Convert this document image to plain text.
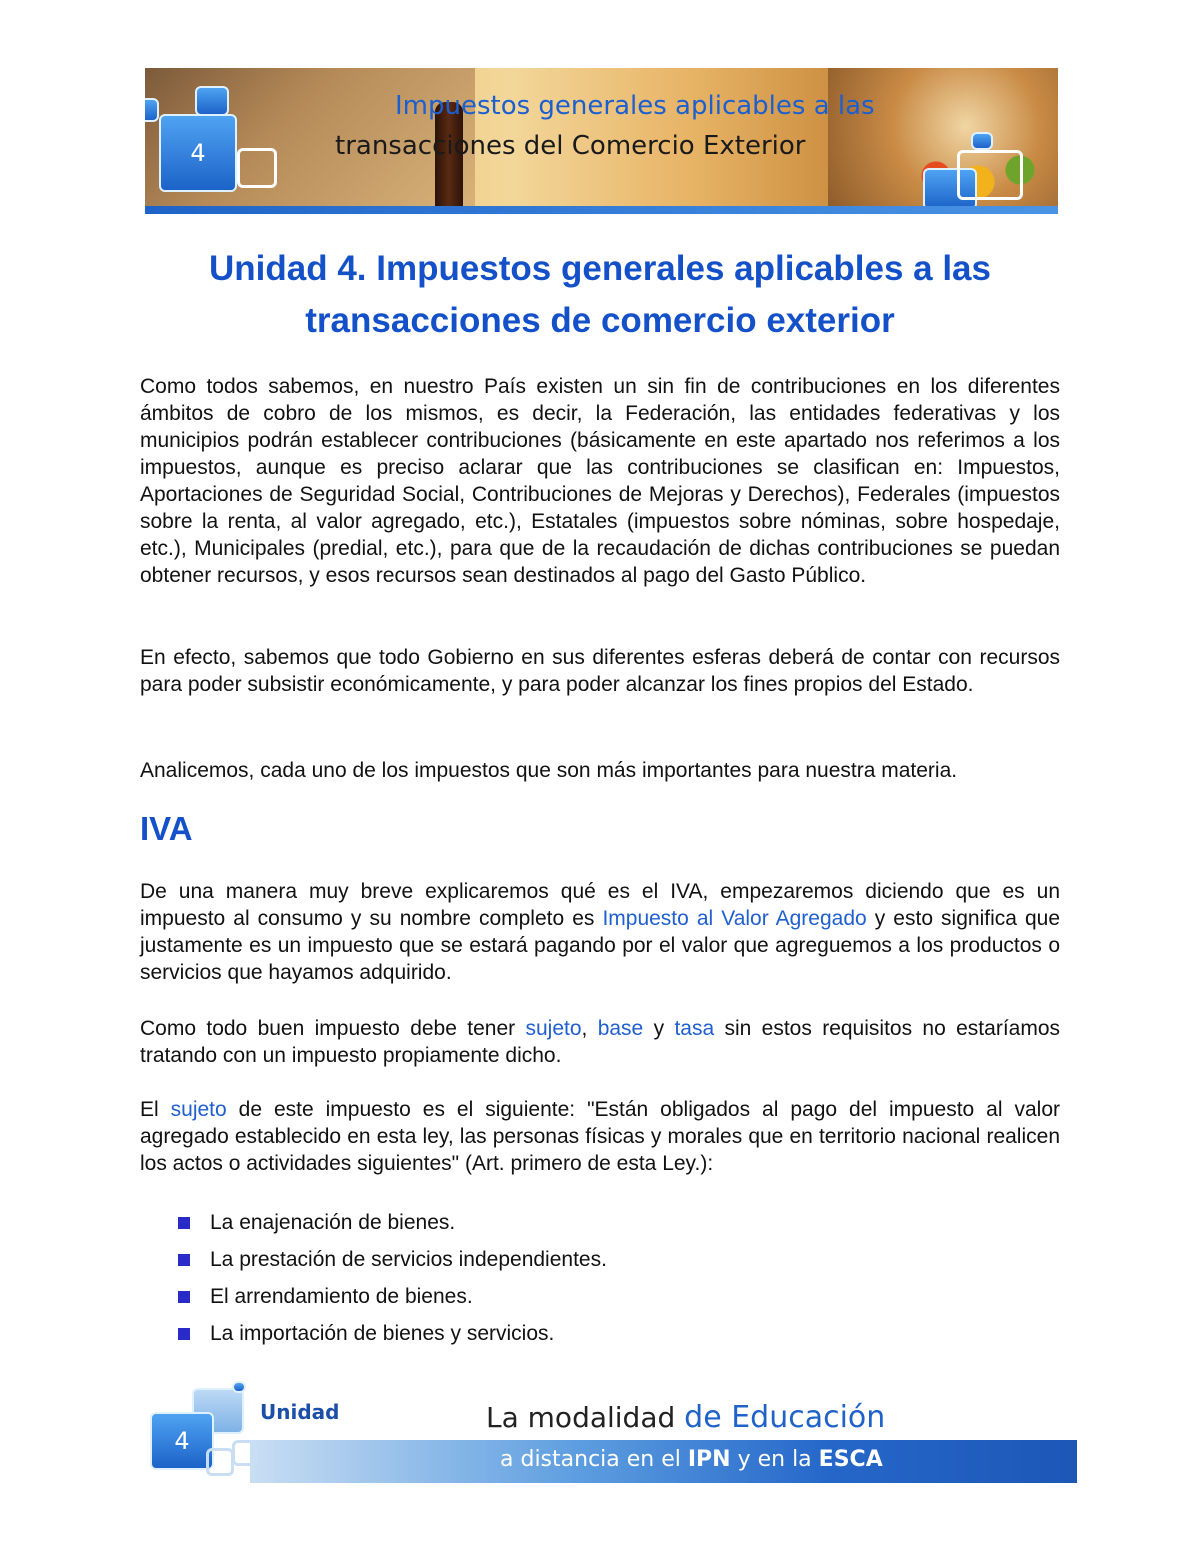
4
Impuestos generales aplicables a las
transacciones del Comercio Exterior
Unidad 4. Impuestos generales aplicables a las
transacciones de comercio exterior

Como todos sabemos, en nuestro País existen un sin fin de contribuciones en los diferentes ámbitos de cobro de los mismos, es decir, la Federación, las entidades federativas y los municipios podrán establecer contribuciones (básicamente en este apartado nos referimos a los impuestos, aunque es preciso aclarar que las contribuciones se clasifican en: Impuestos, Aportaciones de Seguridad Social, Contribuciones de Mejoras y Derechos), Federales (impuestos sobre la renta, al valor agregado, etc.), Estatales (impuestos sobre nóminas, sobre hospedaje, etc.), Municipales (predial, etc.), para que de la recaudación de dichas contribuciones se puedan obtener recursos, y esos recursos sean destinados al pago del Gasto Público.

En efecto, sabemos que todo Gobierno en sus diferentes esferas deberá de contar con recursos para poder subsistir económicamente, y para poder alcanzar los fines propios del Estado.

Analicemos, cada uno de los impuestos que son más importantes para nuestra materia.

IVA

De una manera muy breve explicaremos qué es el IVA, empezaremos diciendo que es un impuesto al consumo y su nombre completo es Impuesto al Valor Agregado y esto significa que justamente es un impuesto que se estará pagando por el valor que agreguemos a los productos o servicios que hayamos adquirido.

Como todo buen impuesto debe tener sujeto, base y tasa sin estos requisitos no estaríamos tratando con un impuesto propiamente dicho.

El sujeto de este impuesto es el siguiente: "Están obligados al pago del impuesto al valor agregado establecido en esta ley, las personas físicas y morales que en territorio nacional realicen los actos o actividades siguientes" (Art. primero de esta Ley.):

La enajenación de bienes.
La prestación de servicios independientes.
El arrendamiento de bienes.
La importación de bienes y servicios.
4
Unidad	La modalidad de Educación
a distancia en el IPN y en la ESCA
